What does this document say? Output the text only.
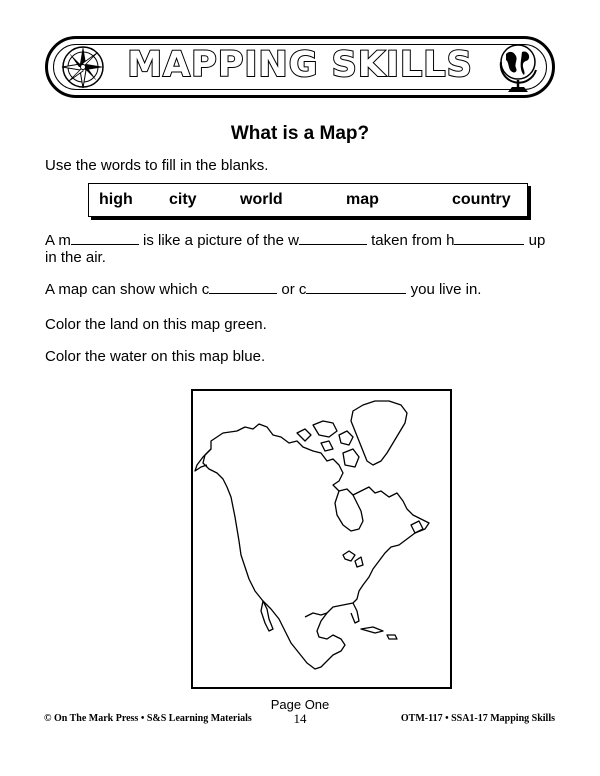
MAPPING SKILLS
What is a Map?
Use the words to fill in the blanks.
high city	world	map	country
A m	is like a picture of the w	taken from h	up
in the air.
A map can show which c	or c	you live in.
Color the land on this map green.
Color the water on this map blue.
Page One
14
© On The Mark Press • S&S Learning Materials	OTM-117 • SSA1-17 Mapping Skills
